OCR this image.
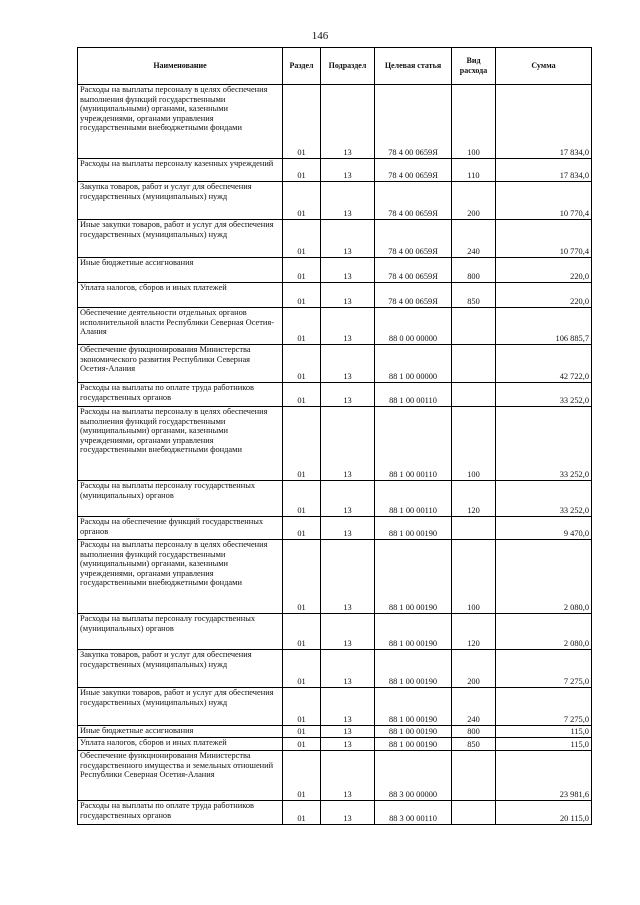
146
Наименование	Раздел	Подраздел	Целевая статья	Вид расхода	Сумма
Расходы на выплаты персоналу в целях обеспечения выполнения функций государственными (муниципальными) органами, казенными учреждениями, органами управления государственными внебюджетными фондами	01	13	78 4 00 0659Я	100	17 834,0
Расходы на выплаты персоналу казенных учреждений	01	13	78 4 00 0659Я	110	17 834,0
Закупка товаров, работ и услуг для обеспечения государственных (муниципальных) нужд	01	13	78 4 00 0659Я	200	10 770,4
Иные закупки товаров, работ и услуг для обеспечения государственных (муниципальных) нужд	01	13	78 4 00 0659Я	240	10 770,4
Иные бюджетные ассигнования	01	13	78 4 00 0659Я	800	220,0
Уплата налогов, сборов и иных платежей	01	13	78 4 00 0659Я	850	220,0
Обеспечение деятельности отдельных органов исполнительной власти Республики Северная Осетия-Алания	01	13	88 0 00 00000		106 885,7
Обеспечение функционирования Министерства экономического развития Республики Северная Осетия-Алания	01	13	88 1 00 00000		42 722,0
Расходы на выплаты по оплате труда работников государственных органов	01	13	88 1 00 00110		33 252,0
Расходы на выплаты персоналу в целях обеспечения выполнения функций государственными (муниципальными) органами, казенными учреждениями, органами управления государственными внебюджетными фондами	01	13	88 1 00 00110	100	33 252,0
Расходы на выплаты персоналу государственных (муниципальных) органов	01	13	88 1 00 00110	120	33 252,0
Расходы на обеспечение функций государственных органов	01	13	88 1 00 00190		9 470,0
Расходы на выплаты персоналу в целях обеспечения выполнения функций государственными (муниципальными) органами, казенными учреждениями, органами управления государственными внебюджетными фондами	01	13	88 1 00 00190	100	2 080,0
Расходы на выплаты персоналу государственных (муниципальных) органов	01	13	88 1 00 00190	120	2 080,0
Закупка товаров, работ и услуг для обеспечения государственных (муниципальных) нужд	01	13	88 1 00 00190	200	7 275,0
Иные закупки товаров, работ и услуг для обеспечения государственных (муниципальных) нужд	01	13	88 1 00 00190	240	7 275,0
Иные бюджетные ассигнования	01	13	88 1 00 00190	800	115,0
Уплата налогов, сборов и иных платежей	01	13	88 1 00 00190	850	115,0
Обеспечение функционирования Министерства государственного имущества и земельных отношений Республики Северная Осетия-Алания	01	13	88 3 00 00000		23 981,6
Расходы на выплаты по оплате труда работников государственных органов	01	13	88 3 00 00110		20 115,0
